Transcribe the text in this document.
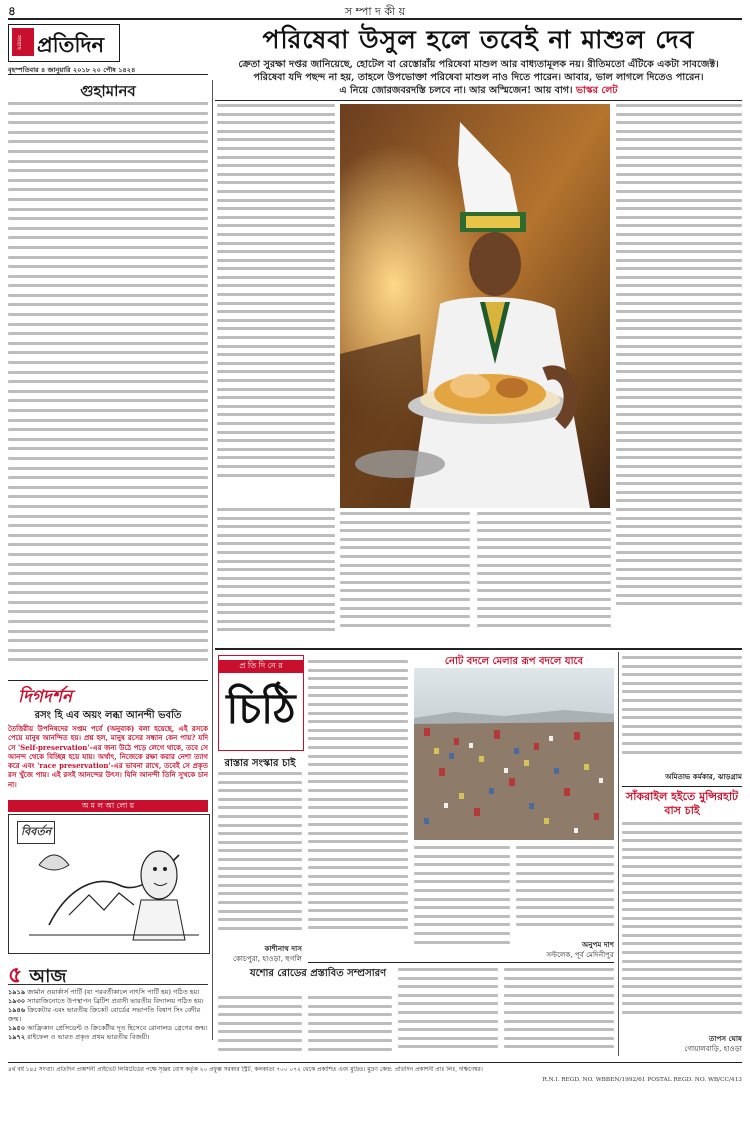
৪	স ম্পা দ কী য়
সংবাদ প্রতিদিন
বৃহস্পতিবার ৪ জানুয়ারি ২০১৮ ২০ পৌষ ১৪২৪
পরিষেবা উসুল হলে তবেই না মাশুল দেব
ক্রেতা সুরক্ষা দপ্তর জানিয়েছে, হোটেল বা রেস্তোরাঁয় পরিষেবা মাশুল আর বাধ্যতামূলক নয়। রীতিমতো এঁটিকে একটা সাবজেক্ট।
পরিষেবা যদি পছন্দ না হয়, তাহলে উপভোক্তা পরিষেবা মাশুল নাও দিতে পারেন। আবার, ভাল লাগলে দিতেও পারেন।
এ নিয়ে জোরজবরদস্তি চলবে না। আর অস্মিজেন! আয় বাগ। ভাস্কর লেট
গুহামানব
দিগদর্শন
রসং হি এব অয়ং লব্ধা আনন্দী ভবতি
তৈত্তিরীয় উপনিষদের সপ্তম পর্বে (অনুবাক) বলা হয়েছে, এই রসকে পেয়ে মানুষ আনন্দিত হয়। প্রশ্ন হল, মানুষ রসের সন্ধান কেন পায়? যদি সে 'Self-preservation'-এর জন্য উঠে পড়ে লেগে থাকে, তবে সে আনন্দ থেকে বিচ্ছিন্ন হয়ে যায়। অর্থাৎ, নিজেকে রক্ষা করার নেশা ত্যাগ করে এবং 'race preservation'-এর ভাবনা রাখে, তবেই সে প্রকৃত রস খুঁজে পায়। এই রসই আনন্দের উৎস। যিনি আনন্দী তিনি সুখকে চান না।
অ ম ল আ লো য়
বিবর্তন
৫ আজ
১৯১৯ জার্মান ওয়ার্কার্স পার্টি (যা পরবর্তীকালে নাৎসি পার্টি হয়) গঠিত হয়।
১৯৩০ স্যারাজিনোতে উপস্থাপন ব্রিটিশ প্রবাসী ভারতীয় বিদ্যালয় গঠিত হয়।
১৯৪৬ ক্রিকেটার এবং ভারতীয় ক্রিকেট বোর্ডের সভাপতি বিষাণ সিং বেদীর জন্ম।
১৯৫০ আফ্রিকান প্রেসিডেন্ট ও ক্রিকেটীয় দূত হিসেবে রোনালড গ্রেগের জন্ম।
১৯৭২ রাইফেল ও ভারত প্রকৃত প্রথম ভারতীয় বিজয়ী।
প্র তি দি নে র
চিঠি
রাস্তার সংস্কার চাই
কাশীনাথ দাস
কোচপুরা, হাওড়া, হুগলি
যশোর রোডের প্রস্তাবিত সম্প্রসারণ
নোট বদলে মেলার রূপ বদলে যাবে
অনুপম দাশ
সল্টলেক, পূর্ব মেদিনীপুর
অমিতাভ কর্মকার, ঝাড়গ্রাম
সাঁকরাইল হইতে মুন্সিরহাট বাস চাই
তাপস ঘোষ
গোয়ালবাড়ি, হাওড়া
৪র্থ বর্ষ ১৪৫ সংখ্যা। প্রতিদিন প্রকাশনী প্রাইভেট লিমিটেডের পক্ষে সৃঞ্জয় বোস কর্তৃক ২০ প্রফুল্ল সরকার স্ট্রিট, কলকাতা ৭০০ ০৭২ থেকে প্রকাশিত এবং মুদ্রিত। মুদ্রণ কেন্দ্র: প্রতিদিন প্রকাশনী প্রাঃ লিঃ, দক্ষিণেশ্বর।
R.N.I. REGD. NO. WBBEN/1992/61 POSTAL REGD. NO. WB/CC/413
